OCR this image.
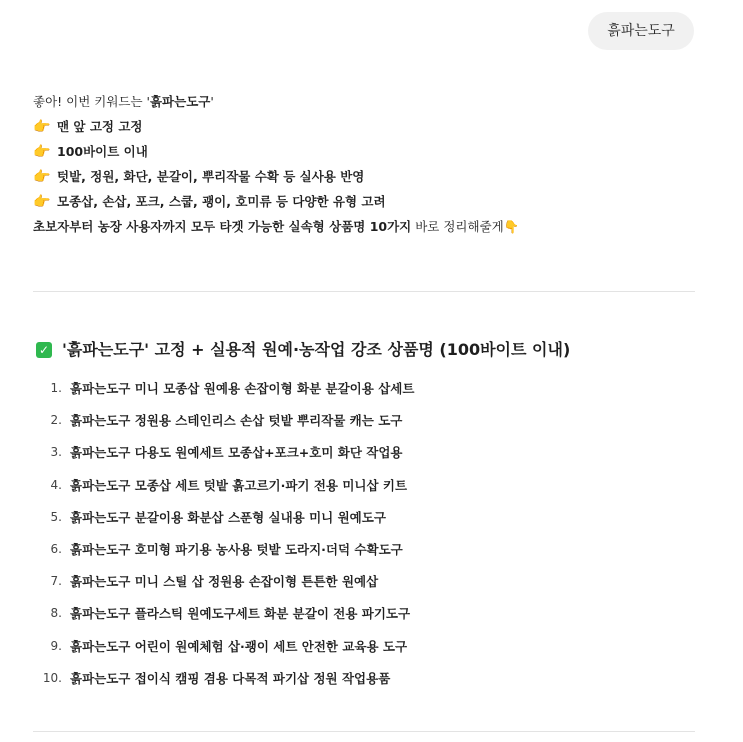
흙파는도구

좋아! 이번 키워드는 '흙파는도구'

👉 맨 앞 고정 고정
👉 100바이트 이내
👉 텃밭, 정원, 화단, 분갈이, 뿌리작물 수확 등 실사용 반영
👉 모종삽, 손삽, 포크, 스쿱, 괭이, 호미류 등 다양한 유형 고려

초보자부터 농장 사용자까지 모두 타겟 가능한 실속형 상품명 10가지 바로 정리해줄게👇

✓ '흙파는도구' 고정 + 실용적 원예·농작업 강조 상품명 (100바이트 이내)
1. 흙파는도구 미니 모종삽 원예용 손잡이형 화분 분갈이용 삽세트
2. 흙파는도구 정원용 스테인리스 손삽 텃밭 뿌리작물 캐는 도구
3. 흙파는도구 다용도 원예세트 모종삽+포크+호미 화단 작업용
4. 흙파는도구 모종삽 세트 텃밭 흙고르기·파기 전용 미니삽 키트
5. 흙파는도구 분갈이용 화분삽 스푼형 실내용 미니 원예도구
6. 흙파는도구 호미형 파기용 농사용 텃밭 도라지·더덕 수확도구
7. 흙파는도구 미니 스틸 삽 정원용 손잡이형 튼튼한 원예삽
8. 흙파는도구 플라스틱 원예도구세트 화분 분갈이 전용 파기도구
9. 흙파는도구 어린이 원예체험 삽·괭이 세트 안전한 교육용 도구
10. 흙파는도구 접이식 캠핑 겸용 다목적 파기삽 정원 작업용품
